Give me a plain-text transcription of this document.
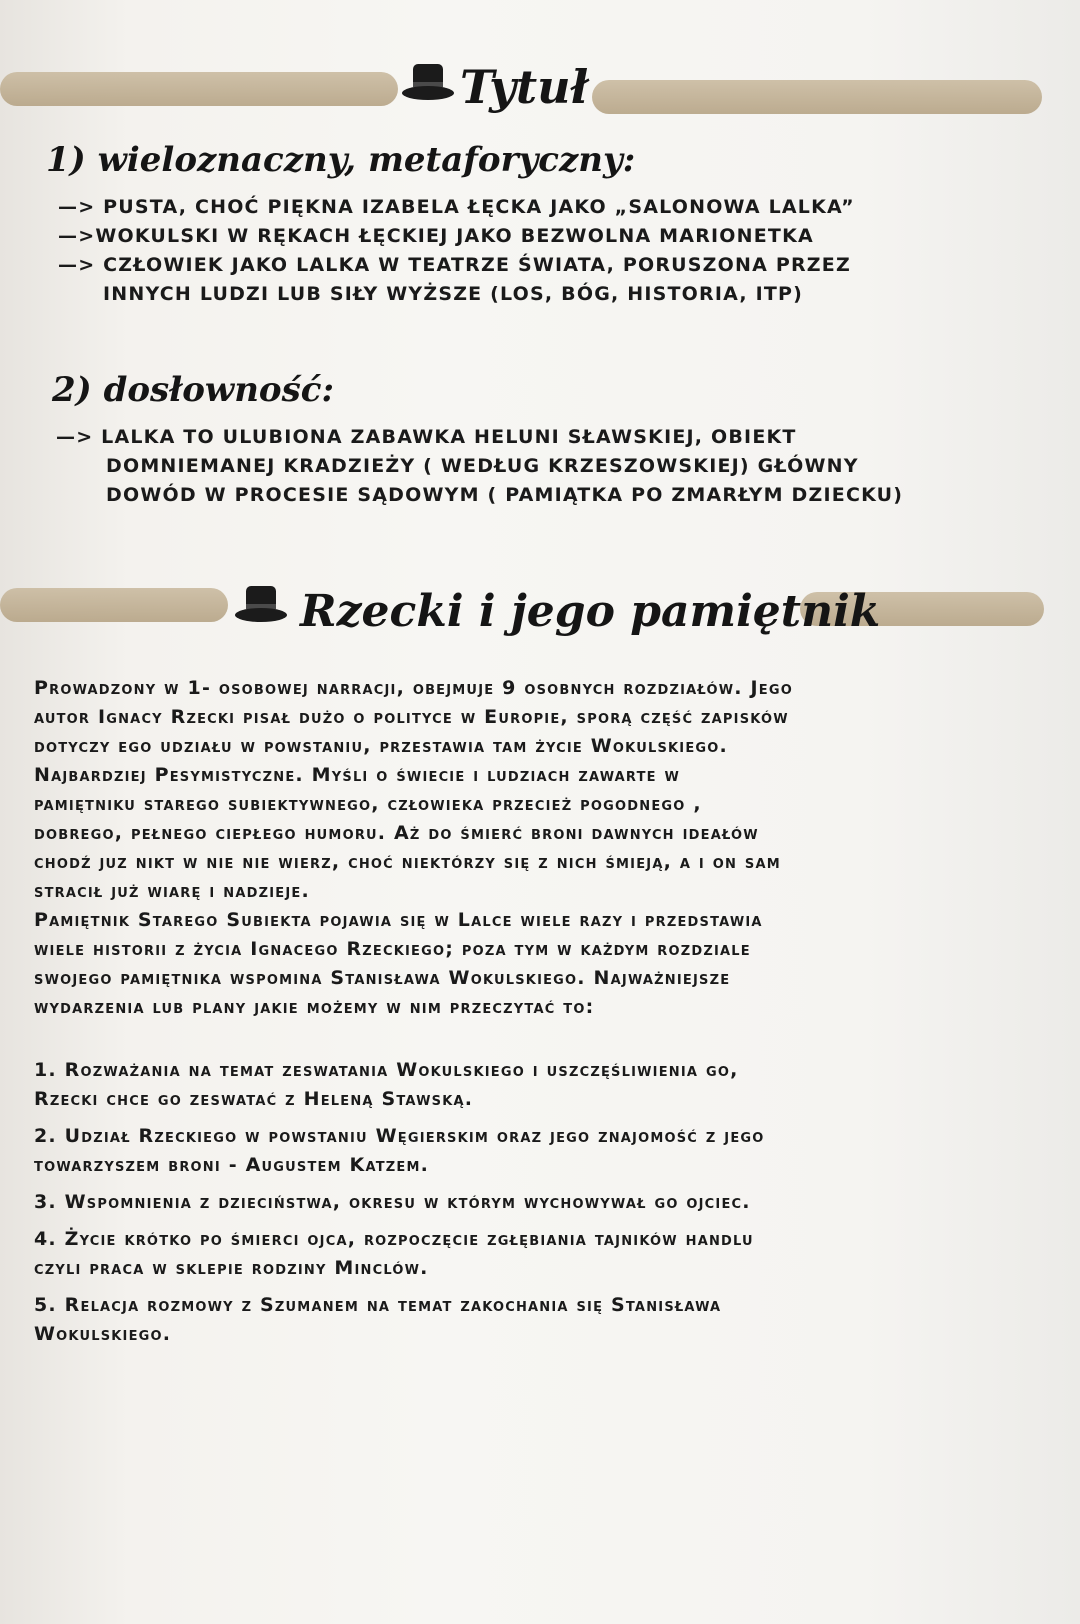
Tytuł
1) wieloznaczny, metaforyczny:
—> PUSTA, CHOĆ PIĘKNA IZABELA ŁĘCKA JAKO „SALONOWA LALKA”
—>WOKULSKI W RĘKACH ŁĘCKIEJ JAKO BEZWOLNA MARIONETKA
—> CZŁOWIEK JAKO LALKA W TEATRZE ŚWIATA, PORUSZONA PRZEZ
INNYCH LUDZI LUB SIŁY WYŻSZE (LOS, BÓG, HISTORIA, ITP)
2) dosłowność:
—> LALKA TO ULUBIONA ZABAWKA HELUNI SŁAWSKIEJ, OBIEKT
DOMNIEMANEJ KRADZIEŻY ( WEDŁUG KRZESZOWSKIEJ) GŁÓWNY
DOWÓD W PROCESIE SĄDOWYM ( PAMIĄTKA PO ZMARŁYM DZIECKU)
Rzecki i jego pamiętnik
Prowadzony w 1- osobowej narracji, obejmuje 9 osobnych rozdziałów. Jego
autor Ignacy Rzecki pisał dużo o polityce w Europie, sporą część zapisków
dotyczy ego udziału w powstaniu, przestawia tam życie Wokulskiego.
Najbardziej Pesymistyczne. Myśli o świecie i ludziach zawarte w
pamiętniku starego subiektywnego, człowieka przecież pogodnego ,
dobrego, pełnego ciepłego humoru. Aż do śmierć broni dawnych ideałów
chodź juz nikt w nie nie wierz, choć niektórzy się z nich śmieją, a i on sam
stracił już wiarę i nadzieje.
Pamiętnik Starego Subiekta pojawia się w Lalce wiele razy i przedstawia
wiele historii z życia Ignacego Rzeckiego; poza tym w każdym rozdziale
swojego pamiętnika wspomina Stanisława Wokulskiego. Najważniejsze
wydarzenia lub plany jakie możemy w nim przeczytać to:
1. Rozważania na temat zeswatania Wokulskiego i uszczęśliwienia go,
Rzecki chce go zeswatać z Heleną Stawską.
2. Udział Rzeckiego w powstaniu Węgierskim oraz jego znajomość z jego
towarzyszem broni - Augustem Katzem.
3. Wspomnienia z dzieciństwa, okresu w którym wychowywał go ojciec.
4. Życie krótko po śmierci ojca, rozpoczęcie zgłębiania tajników handlu
czyli praca w sklepie rodziny Minclów.
5. Relacja rozmowy z Szumanem na temat zakochania się Stanisława
Wokulskiego.
